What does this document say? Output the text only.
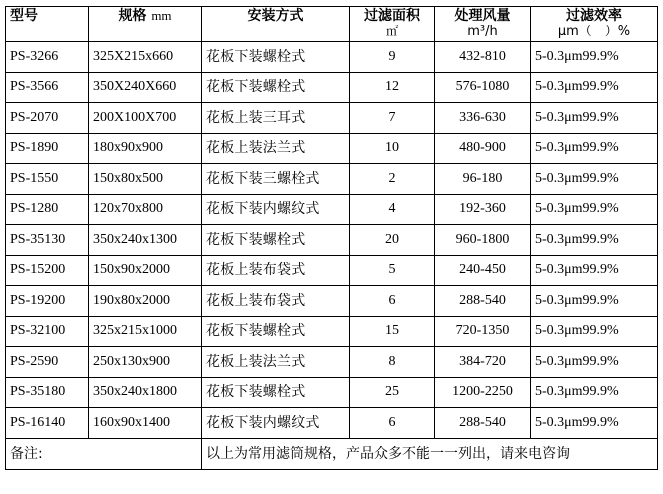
型号	规格 mm	安装方式	过滤面积	处理风量	过滤效率
			㎡	m³/h	μm（　）%
PS-3266	325X215x660	花板下装螺栓式	9	432-810	5-0.3μm99.9%
PS-3566	350X240X660	花板下装螺栓式	12	576-1080	5-0.3μm99.9%
PS-2070	200X100X700	花板上装三耳式	7	336-630	5-0.3μm99.9%
PS-1890	180x90x900	花板上装法兰式	10	480-900	5-0.3μm99.9%
PS-1550	150x80x500	花板下装三螺栓式	2	96-180	5-0.3μm99.9%
PS-1280	120x70x800	花板下装内螺纹式	4	192-360	5-0.3μm99.9%
PS-35130	350x240x1300	花板下装螺栓式	20	960-1800	5-0.3μm99.9%
PS-15200	150x90x2000	花板上装布袋式	5	240-450	5-0.3μm99.9%
PS-19200	190x80x2000	花板上装布袋式	6	288-540	5-0.3μm99.9%
PS-32100	325x215x1000	花板下装螺栓式	15	720-1350	5-0.3μm99.9%
PS-2590	250x130x900	花板上装法兰式	8	384-720	5-0.3μm99.9%
PS-35180	350x240x1800	花板下装螺栓式	25	1200-2250	5-0.3μm99.9%
PS-16140	160x90x1400	花板下装内螺纹式	6	288-540	5-0.3μm99.9%
备注:		以上为常用滤筒规格，产品众多不能一一列出，请来电咨询			
